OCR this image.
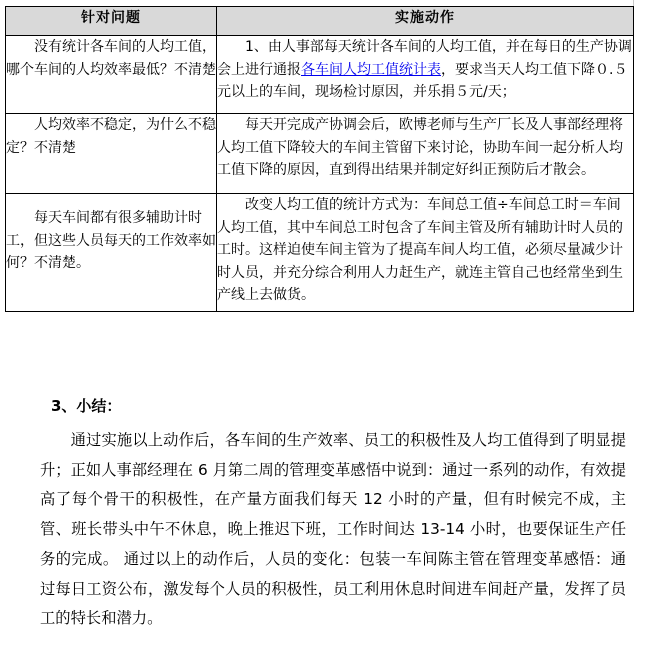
针对问题	实施动作
没有统计各车间的人均工值，哪个车间的人均效率最低？不清楚	1、由人事部每天统计各车间的人均工值，并在每日的生产协调会上进行通报各车间人均工值统计表，要求当天人均工值下降０.５元以上的车间，现场检讨原因，并乐捐５元/天；
人均效率不稳定，为什么不稳定？不清楚	每天开完成产协调会后，欧博老师与生产厂长及人事部经理将人均工值下降较大的车间主管留下来讨论，协助车间一起分析人均工值下降的原因，直到得出结果并制定好纠正预防后才散会。
每天车间都有很多辅助计时工，但这些人员每天的工作效率如何？不清楚。	改变人均工值的统计方式为：车间总工值÷车间总工时＝车间人均工值，其中车间总工时包含了车间主管及所有辅助计时人员的工时。这样迫使车间主管为了提高车间人均工值，必须尽量减少计时人员，并充分综合利用人力赶生产，就连主管自己也经常坐到生产线上去做货。
3、小结：
通过实施以上动作后，各车间的生产效率、员工的积极性及人均工值得到了明显提升；正如人事部经理在 6 月第二周的管理变革感悟中说到：通过一系列的动作，有效提高了每个骨干的积极性，在产量方面我们每天 12 小时的产量，但有时候完不成，主管、班长带头中午不休息，晚上推迟下班，工作时间达 13-14 小时，也要保证生产任务的完成。 通过以上的动作后，人员的变化：包装一车间陈主管在管理变革感悟：通过每日工资公布，激发每个人员的积极性，员工利用休息时间进车间赶产量，发挥了员工的特长和潜力。
